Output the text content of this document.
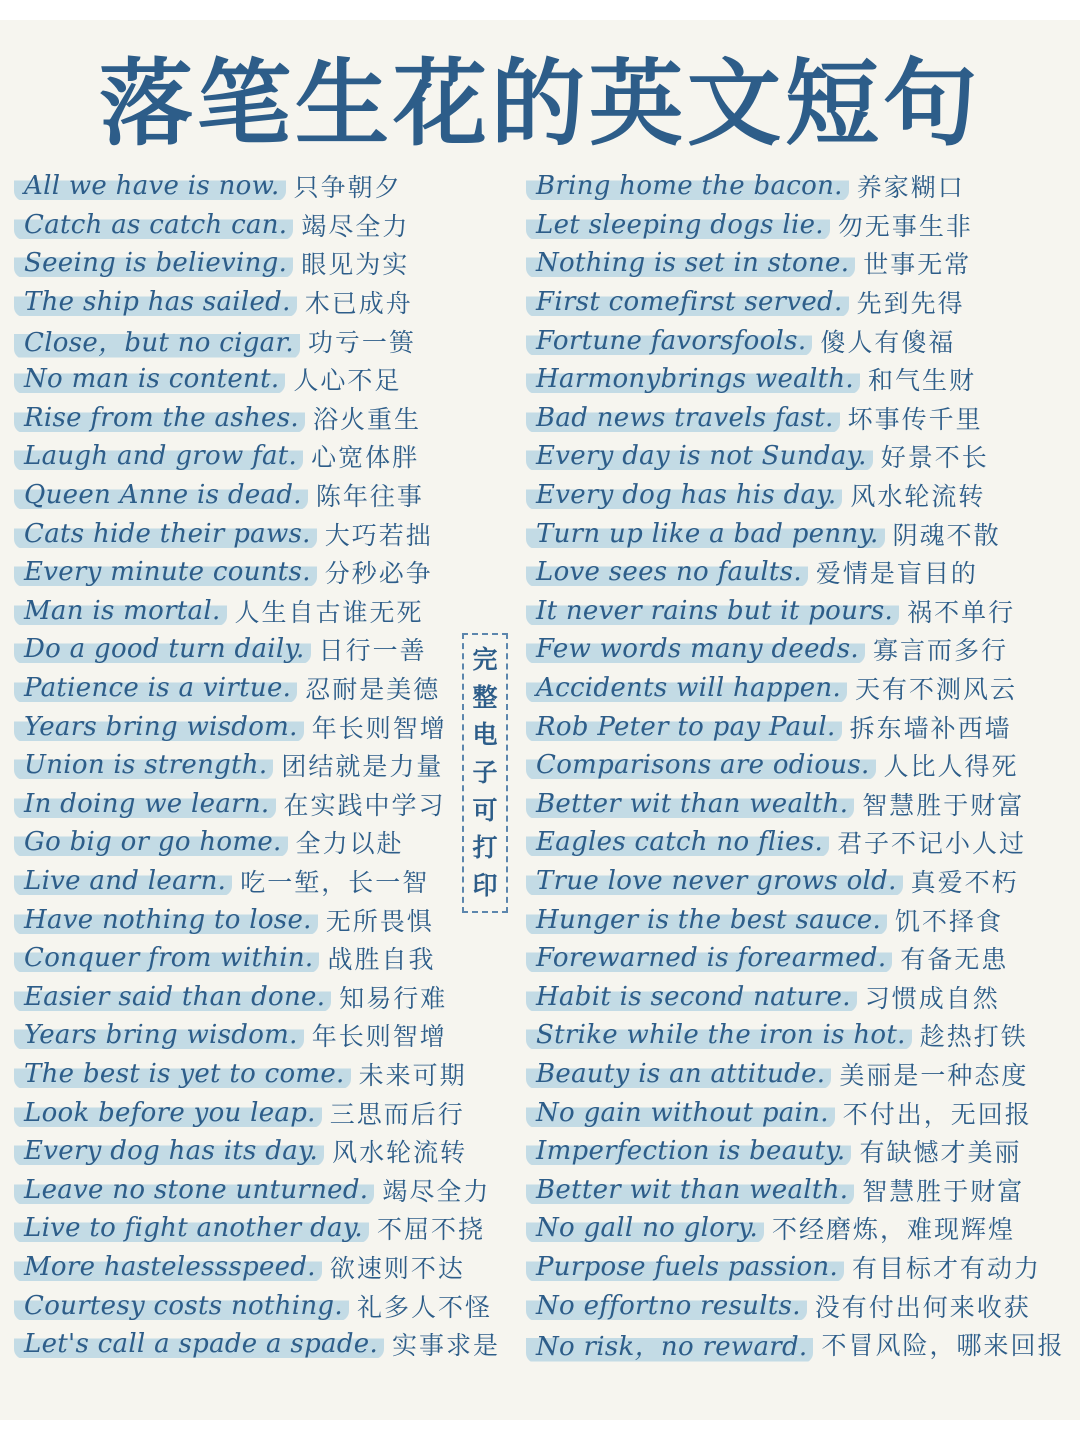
落笔生花的英文短句
All we have is now. 只争朝夕
Catch as catch can. 竭尽全力
Seeing is believing. 眼见为实
The ship has sailed. 木已成舟
Close，but no cigar. 功亏一篑
No man is content. 人心不足
Rise from the ashes. 浴火重生
Laugh and grow fat. 心宽体胖
Queen Anne is dead. 陈年往事
Cats hide their paws. 大巧若拙
Every minute counts. 分秒必争
Man is mortal. 人生自古谁无死
Do a good turn daily. 日行一善
Patience is a virtue. 忍耐是美德
Years bring wisdom. 年长则智增
Union is strength. 团结就是力量
In doing we learn. 在实践中学习
Go big or go home. 全力以赴
Live and learn. 吃一堑，长一智
Have nothing to lose. 无所畏惧
Conquer from within. 战胜自我
Easier said than done. 知易行难
Years bring wisdom. 年长则智增
The best is yet to come. 未来可期
Look before you leap. 三思而后行
Every dog has its day. 风水轮流转
Leave no stone unturned. 竭尽全力
Live to fight another day. 不屈不挠
More hastelessspeed. 欲速则不达
Courtesy costs nothing. 礼多人不怪
Let's call a spade a spade. 实事求是
完
整
电
子
可
打
印
Bring home the bacon. 养家糊口
Let sleeping dogs lie. 勿无事生非
Nothing is set in stone. 世事无常
First comefirst served. 先到先得
Fortune favorsfools. 傻人有傻福
Harmonybrings wealth. 和气生财
Bad news travels fast. 坏事传千里
Every day is not Sunday. 好景不长
Every dog has his day. 风水轮流转
Turn up like a bad penny. 阴魂不散
Love sees no faults. 爱情是盲目的
It never rains but it pours. 祸不单行
Few words many deeds. 寡言而多行
Accidents will happen. 天有不测风云
Rob Peter to pay Paul. 拆东墙补西墙
Comparisons are odious. 人比人得死
Better wit than wealth. 智慧胜于财富
Eagles catch no flies. 君子不记小人过
True love never grows old. 真爱不朽
Hunger is the best sauce. 饥不择食
Forewarned is forearmed. 有备无患
Habit is second nature. 习惯成自然
Strike while the iron is hot. 趁热打铁
Beauty is an attitude. 美丽是一种态度
No gain without pain. 不付出，无回报
Imperfection is beauty. 有缺憾才美丽
Better wit than wealth. 智慧胜于财富
No gall no glory. 不经磨炼，难现辉煌
Purpose fuels passion. 有目标才有动力
No effortno results. 没有付出何来收获
No risk，no reward. 不冒风险，哪来回报
